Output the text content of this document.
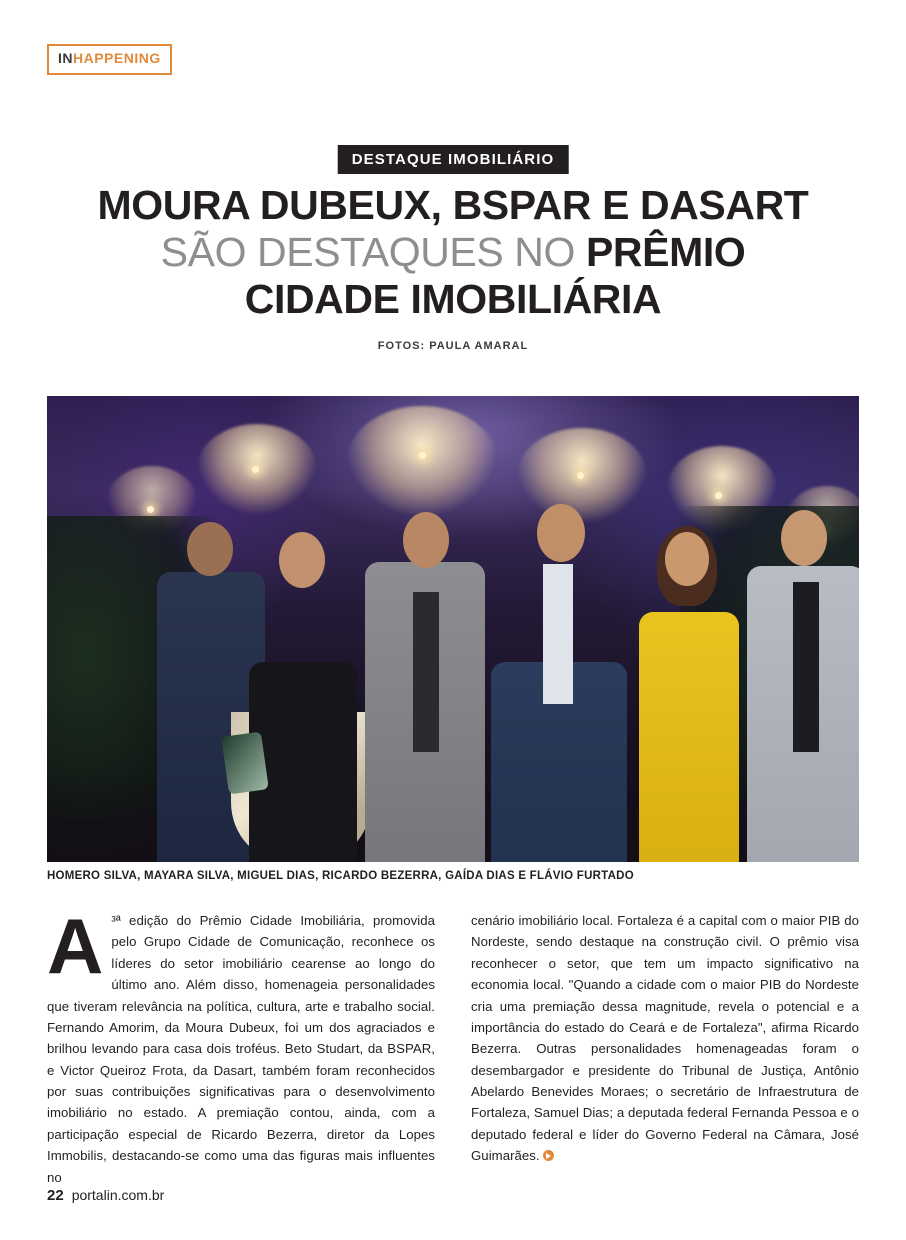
INHAPPENING
DESTAQUE IMOBILIÁRIO
MOURA DUBEUX, BSPAR E DASART
SÃO DESTAQUES NO PRÊMIO
CIDADE IMOBILIÁRIA
FOTOS: PAULA AMARAL
HOMERO SILVA, MAYARA SILVA, MIGUEL DIAS, RICARDO BEZERRA, GAÍDA DIAS E FLÁVIO FURTADO
A ³ª edição do Prêmio Cidade Imobiliária, promovida pelo Grupo Cidade de Comunicação, reconhece os líderes do setor imobiliário cearense ao longo do último ano. Além disso, homenageia personalidades que tiveram relevância na política, cultura, arte e trabalho social. Fernando Amorim, da Moura Dubeux, foi um dos agraciados e brilhou levando para casa dois troféus. Beto Studart, da BSPAR, e Victor Queiroz Frota, da Dasart, também foram reconhecidos por suas contribuições significativas para o desenvolvimento imobiliário no estado. A premiação contou, ainda, com a participação especial de Ricardo Bezerra, diretor da Lopes Immobilis, destacando-se como uma das figuras mais influentes no
cenário imobiliário local. Fortaleza é a capital com o maior PIB do Nordeste, sendo destaque na construção civil. O prêmio visa reconhecer o setor, que tem um impacto significativo na economia local. "Quando a cidade com o maior PIB do Nordeste cria uma premiação dessa magnitude, revela o potencial e a importância do estado do Ceará e de Fortaleza", afirma Ricardo Bezerra. Outras personalidades homenageadas foram o desembargador e presidente do Tribunal de Justiça, Antônio Abelardo Benevides Moraes; o secretário de Infraestrutura de Fortaleza, Samuel Dias; a deputada federal Fernanda Pessoa e o deputado federal e líder do Governo Federal na Câmara, José Guimarães.
22 portalin.com.br
